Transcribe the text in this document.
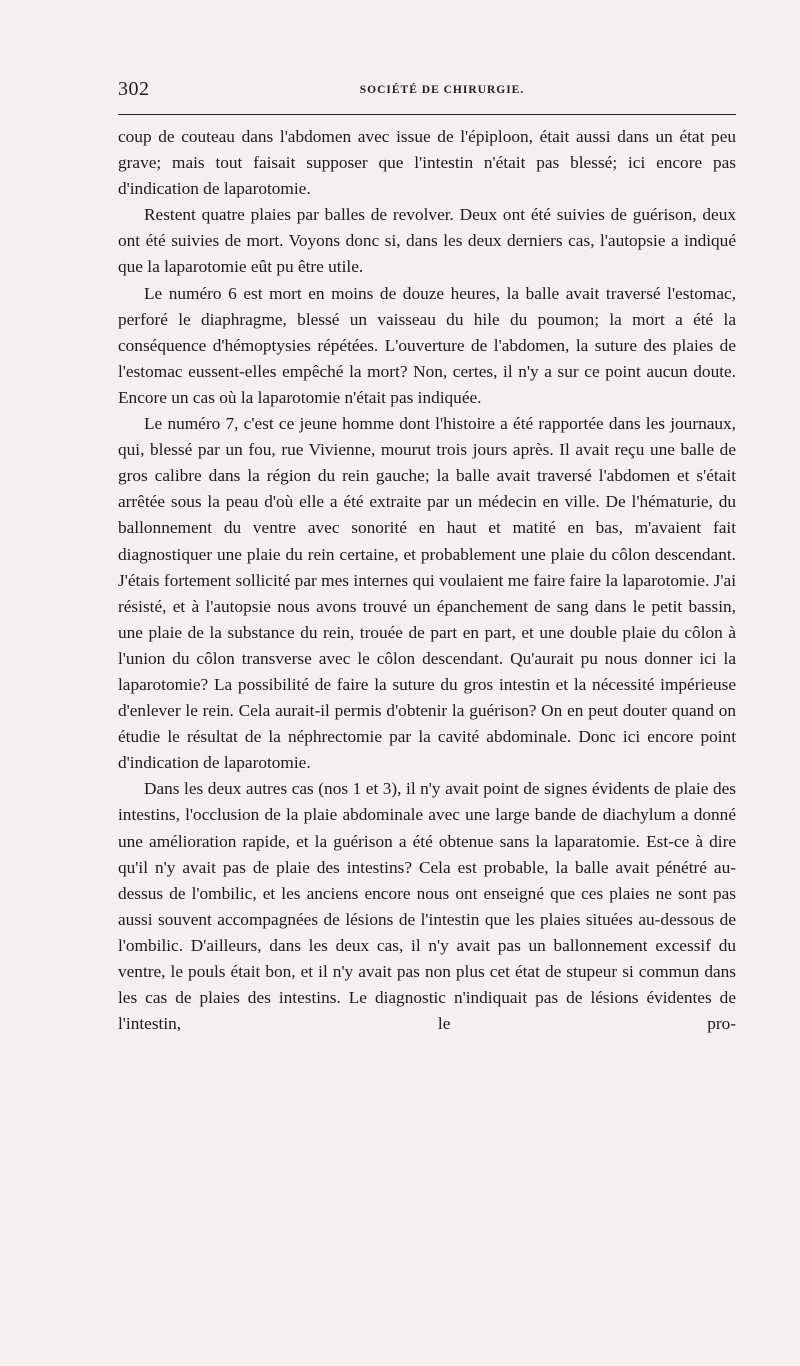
302	SOCIÉTÉ DE CHIRURGIE.

coup de couteau dans l'abdomen avec issue de l'épiploon, était aussi dans un état peu grave; mais tout faisait supposer que l'intestin n'était pas blessé; ici encore pas d'indication de laparotomie.

Restent quatre plaies par balles de revolver. Deux ont été suivies de guérison, deux ont été suivies de mort. Voyons donc si, dans les deux derniers cas, l'autopsie a indiqué que la laparotomie eût pu être utile.

Le numéro 6 est mort en moins de douze heures, la balle avait traversé l'estomac, perforé le diaphragme, blessé un vaisseau du hile du poumon; la mort a été la conséquence d'hémoptysies répétées. L'ouverture de l'abdomen, la suture des plaies de l'estomac eussent-elles empêché la mort? Non, certes, il n'y a sur ce point aucun doute. Encore un cas où la laparotomie n'était pas indiquée.

Le numéro 7, c'est ce jeune homme dont l'histoire a été rapportée dans les journaux, qui, blessé par un fou, rue Vivienne, mourut trois jours après. Il avait reçu une balle de gros calibre dans la région du rein gauche; la balle avait traversé l'abdomen et s'était arrêtée sous la peau d'où elle a été extraite par un médecin en ville. De l'hématurie, du ballonnement du ventre avec sonorité en haut et matité en bas, m'avaient fait diagnostiquer une plaie du rein certaine, et probablement une plaie du côlon descendant. J'étais fortement sollicité par mes internes qui voulaient me faire faire la laparotomie. J'ai résisté, et à l'autopsie nous avons trouvé un épanchement de sang dans le petit bassin, une plaie de la substance du rein, trouée de part en part, et une double plaie du côlon à l'union du côlon transverse avec le côlon descendant. Qu'aurait pu nous donner ici la laparotomie? La possibilité de faire la suture du gros intestin et la nécessité impérieuse d'enlever le rein. Cela aurait-il permis d'obtenir la guérison? On en peut douter quand on étudie le résultat de la néphrectomie par la cavité abdominale. Donc ici encore point d'indication de laparotomie.

Dans les deux autres cas (nos 1 et 3), il n'y avait point de signes évidents de plaie des intestins, l'occlusion de la plaie abdominale avec une large bande de diachylum a donné une amélioration rapide, et la guérison a été obtenue sans la laparatomie. Est-ce à dire qu'il n'y avait pas de plaie des intestins? Cela est probable, la balle avait pénétré au-dessus de l'ombilic, et les anciens encore nous ont enseigné que ces plaies ne sont pas aussi souvent accompagnées de lésions de l'intestin que les plaies situées au-dessous de l'ombilic. D'ailleurs, dans les deux cas, il n'y avait pas un ballonnement excessif du ventre, le pouls était bon, et il n'y avait pas non plus cet état de stupeur si commun dans les cas de plaies des intestins. Le diagnostic n'indiquait pas de lésions évidentes de l'intestin, le pro-
